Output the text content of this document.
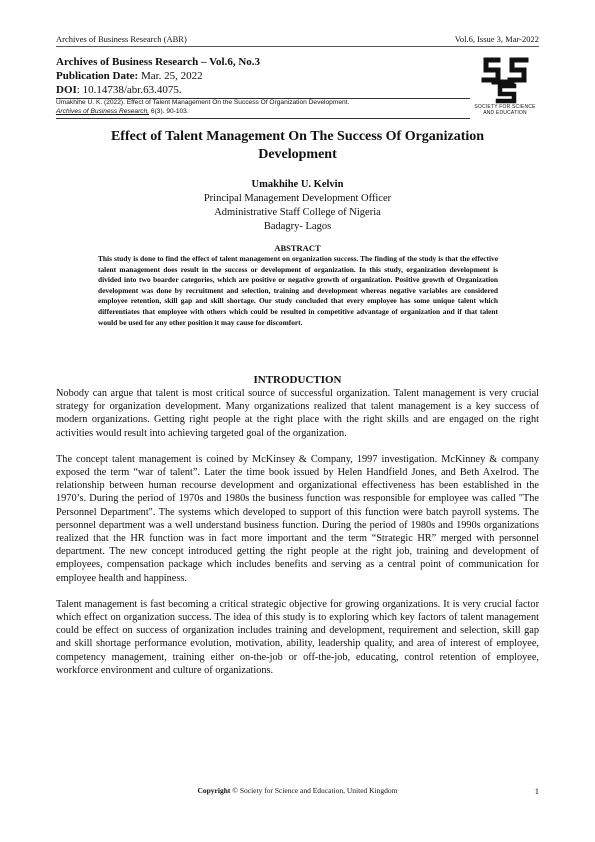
Archives of Business Research (ABR)	Vol.6, Issue 3, Mar-2022
Archives of Business Research – Vol.6, No.3
Publication Date: Mar. 25, 2022
DOI: 10.14738/abr.63.4075.
Umakhihe U. K. (2022). Effect of Talent Management On the Success Of Organization Development.
Archives of Business Research, 6(3). 90-103.
SOCIETY FOR SCIENCE
AND EDUCATION
Effect of Talent Management On The Success Of Organization Development
Umakhihe U. Kelvin
Principal Management Development Officer
Administrative Staff College of Nigeria
Badagry- Lagos
ABSTRACT
This study is done to find the effect of talent management on organization success. The finding of the study is that the effective talent management does result in the success or development of organization. In this study, organization development is divided into two boarder categories, which are positive or negative growth of organization. Positive growth of Organization development was done by recruitment and selection, training and development whereas negative variables are considered employee retention, skill gap and skill shortage. Our study concluded that every employee has some unique talent which differentiates that employee with others which could be resulted in competitive advantage of organization and if that talent would be used for any other position it may cause for discomfort.
INTRODUCTION

Nobody can argue that talent is most critical source of successful organization. Talent management is very crucial strategy for organization development. Many organizations realized that talent management is a key success of modern organizations. Getting right people at the right place with the right skills and are engaged on the right activities would result into achieving targeted goal of the organization.

The concept talent management is coined by McKinsey & Company, 1997 investigation. McKinney & company exposed the term “war of talent”. Later the time book issued by Helen Handfield Jones, and Beth Axelrod. The relationship between human recourse development and organizational effectiveness has been established in the 1970’s. During the period of 1970s and 1980s the business function was responsible for employee was called "The Personnel Department". The systems which developed to support of this function were batch payroll systems. The personnel department was a well understand business function. During the period of 1980s and 1990s organizations realized that the HR function was in fact more important and the term “Strategic HR” merged with personnel department. The new concept introduced getting the right people at the right job, training and development of employees, compensation package which includes benefits and serving as a central point of communication for employee health and happiness.

Talent management is fast becoming a critical strategic objective for growing organizations. It is very crucial factor which effect on organization success. The idea of this study is to exploring which key factors of talent management could be effect on success of organization includes training and development, requirement and selection, skill gap and skill shortage performance evolution, motivation, ability, leadership quality, and area of interest of employee, competency management, training either on-the-job or off-the-job, educating, control retention of employee, workforce environment and culture of organizations.

Copyright © Society for Science and Education, United Kingdom	1
